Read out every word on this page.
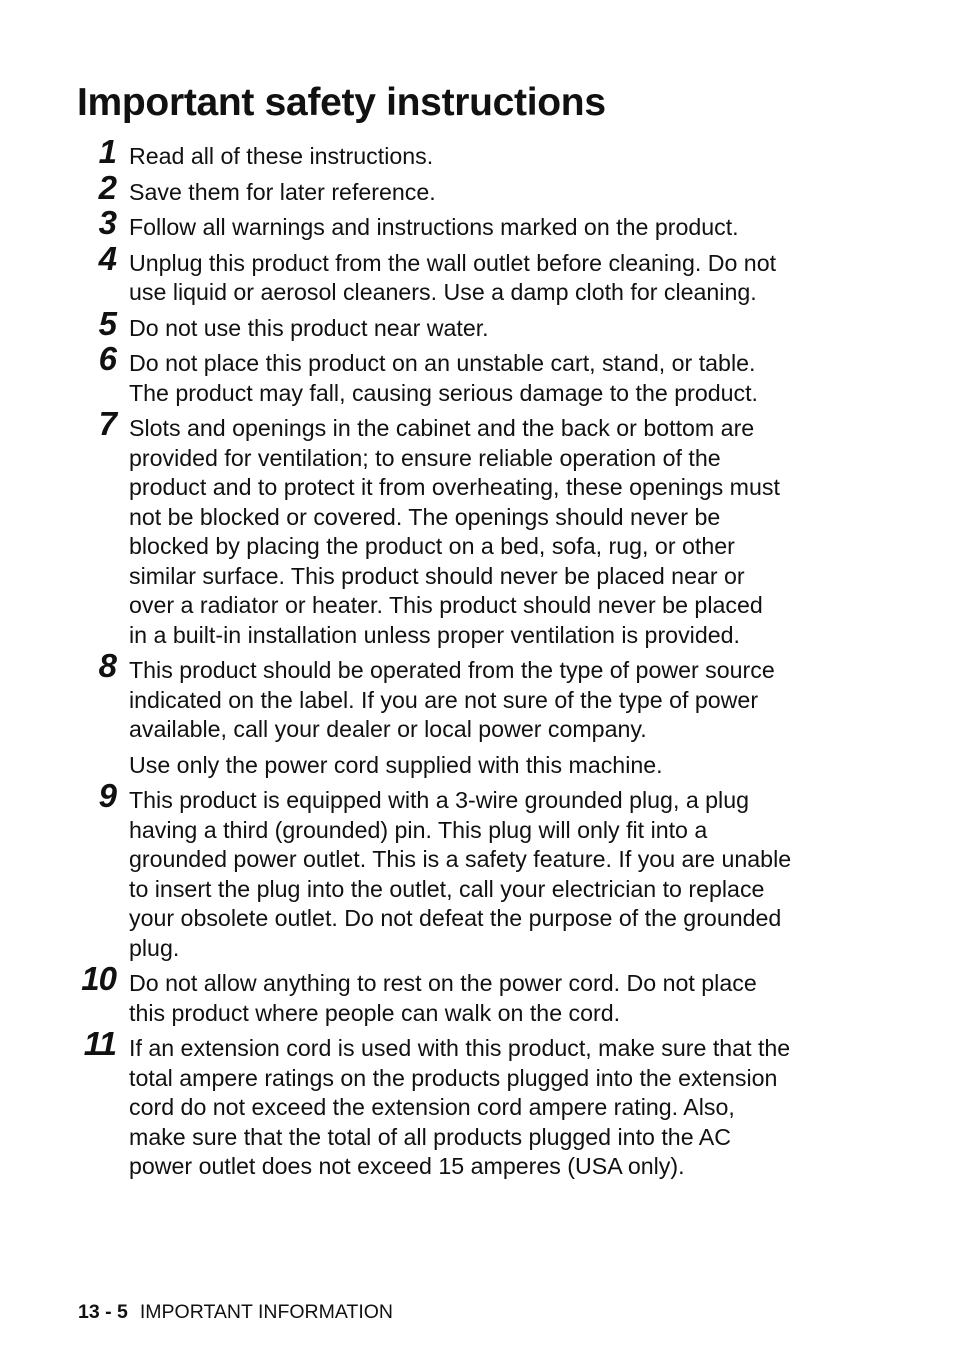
Important safety instructions
1 Read all of these instructions.

2 Save them for later reference.

3 Follow all warnings and instructions marked on the product.

4 Unplug this product from the wall outlet before cleaning. Do not
use liquid or aerosol cleaners. Use a damp cloth for cleaning.

5 Do not use this product near water.

6 Do not place this product on an unstable cart, stand, or table.
The product may fall, causing serious damage to the product.

7 Slots and openings in the cabinet and the back or bottom are
provided for ventilation; to ensure reliable operation of the
product and to protect it from overheating, these openings must
not be blocked or covered. The openings should never be
blocked by placing the product on a bed, sofa, rug, or other
similar surface. This product should never be placed near or
over a radiator or heater. This product should never be placed
in a built-in installation unless proper ventilation is provided.

8 This product should be operated from the type of power source
indicated on the label. If you are not sure of the type of power
available, call your dealer or local power company.

Use only the power cord supplied with this machine.

9 This product is equipped with a 3-wire grounded plug, a plug
having a third (grounded) pin. This plug will only fit into a
grounded power outlet. This is a safety feature. If you are unable
to insert the plug into the outlet, call your electrician to replace
your obsolete outlet. Do not defeat the purpose of the grounded
plug.

10 Do not allow anything to rest on the power cord. Do not place
this product where people can walk on the cord.

11 If an extension cord is used with this product, make sure that the
total ampere ratings on the products plugged into the extension
cord do not exceed the extension cord ampere rating. Also,
make sure that the total of all products plugged into the AC
power outlet does not exceed 15 amperes (USA only).

13 - 5 IMPORTANT INFORMATION
